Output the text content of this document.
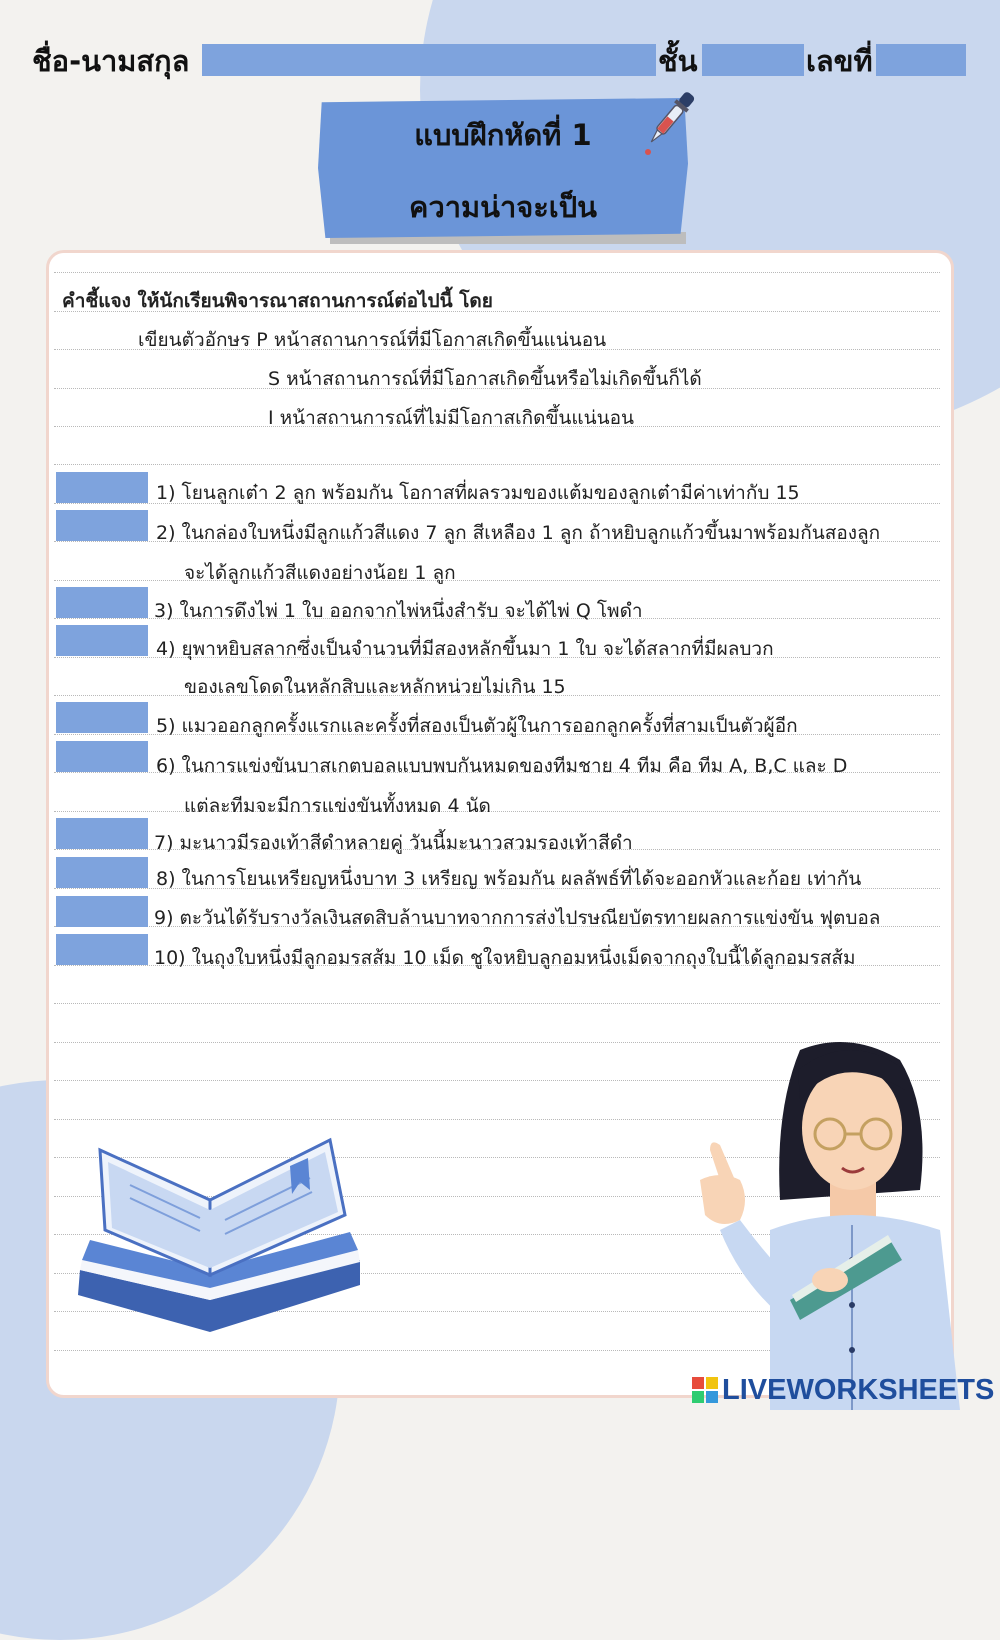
ชื่อ-นามสกุล	ชั้น	เลขที่
แบบฝึกหัดที่ 1
ความน่าจะเป็น
คำชี้แจง ให้นักเรียนพิจารณาสถานการณ์ต่อไปนี้ โดย
เขียนตัวอักษร P หน้าสถานการณ์ที่มีโอกาสเกิดขึ้นแน่นอน
S หน้าสถานการณ์ที่มีโอกาสเกิดขึ้นหรือไม่เกิดขึ้นก็ได้
I หน้าสถานการณ์ที่ไม่มีโอกาสเกิดขึ้นแน่นอน
1) โยนลูกเต๋า 2 ลูก พร้อมกัน โอกาสที่ผลรวมของแต้มของลูกเต๋ามีค่าเท่ากับ 15
2) ในกล่องใบหนึ่งมีลูกแก้วสีแดง 7 ลูก สีเหลือง 1 ลูก ถ้าหยิบลูกแก้วขึ้นมาพร้อมกันสองลูก
จะได้ลูกแก้วสีแดงอย่างน้อย 1 ลูก
3) ในการดึงไพ่ 1 ใบ ออกจากไพ่หนึ่งสำรับ จะได้ไพ่ Q โพดำ
4) ยุพาหยิบสลากซึ่งเป็นจำนวนที่มีสองหลักขึ้นมา 1 ใบ จะได้สลากที่มีผลบวก
ของเลขโดดในหลักสิบและหลักหน่วยไม่เกิน 15
5) แมวออกลูกครั้งแรกและครั้งที่สองเป็นตัวผู้ในการออกลูกครั้งที่สามเป็นตัวผู้อีก
6) ในการแข่งขันบาสเกตบอลแบบพบกันหมดของทีมชาย 4 ทีม คือ ทีม A, B,C และ D
แต่ละทีมจะมีการแข่งขันทั้งหมด 4 นัด
7) มะนาวมีรองเท้าสีดำหลายคู่ วันนี้มะนาวสวมรองเท้าสีดำ
8) ในการโยนเหรียญหนึ่งบาท 3 เหรียญ พร้อมกัน ผลลัพธ์ที่ได้จะออกหัวและก้อย เท่ากัน
9) ตะวันได้รับรางวัลเงินสดสิบล้านบาทจากการส่งไปรษณียบัตรทายผลการแข่งขัน ฟุตบอล
10) ในถุงใบหนึ่งมีลูกอมรสส้ม 10 เม็ด ชูใจหยิบลูกอมหนึ่งเม็ดจากถุงใบนี้ได้ลูกอมรสส้ม
LIVEWORKSHEETS
